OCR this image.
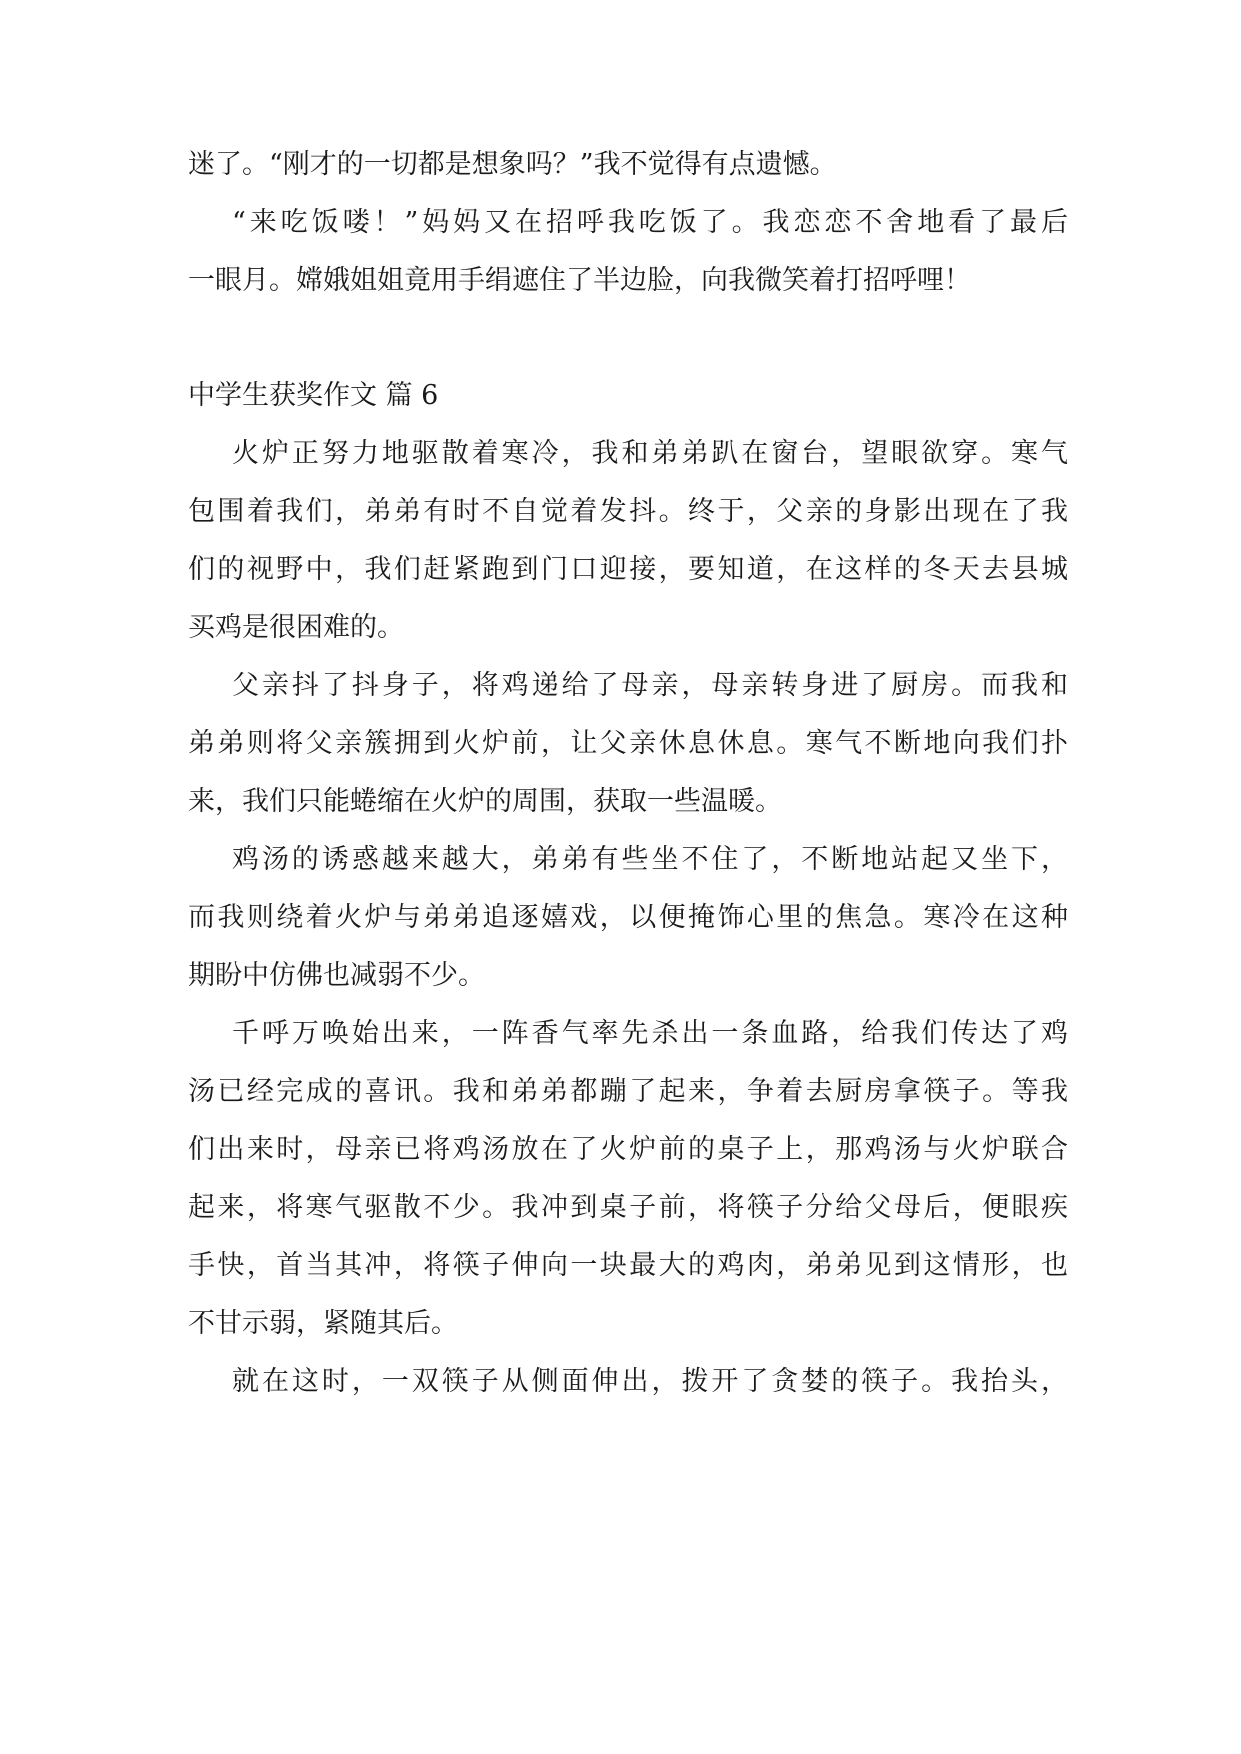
迷了。“刚才的一切都是想象吗？”我不觉得有点遗憾。
“来吃饭喽！”妈妈又在招呼我吃饭了。我恋恋不舍地看了最后
一眼月。嫦娥姐姐竟用手绢遮住了半边脸，向我微笑着打招呼哩！
中学生获奖作文 篇 6
火炉正努力地驱散着寒冷，我和弟弟趴在窗台，望眼欲穿。寒气
包围着我们，弟弟有时不自觉着发抖。终于，父亲的身影出现在了我
们的视野中，我们赶紧跑到门口迎接，要知道，在这样的冬天去县城
买鸡是很困难的。
父亲抖了抖身子，将鸡递给了母亲，母亲转身进了厨房。而我和
弟弟则将父亲簇拥到火炉前，让父亲休息休息。寒气不断地向我们扑
来，我们只能蜷缩在火炉的周围，获取一些温暖。
鸡汤的诱惑越来越大，弟弟有些坐不住了，不断地站起又坐下，
而我则绕着火炉与弟弟追逐嬉戏，以便掩饰心里的焦急。寒冷在这种
期盼中仿佛也减弱不少。
千呼万唤始出来，一阵香气率先杀出一条血路，给我们传达了鸡
汤已经完成的喜讯。我和弟弟都蹦了起来，争着去厨房拿筷子。等我
们出来时，母亲已将鸡汤放在了火炉前的桌子上，那鸡汤与火炉联合
起来，将寒气驱散不少。我冲到桌子前，将筷子分给父母后，便眼疾
手快，首当其冲，将筷子伸向一块最大的鸡肉，弟弟见到这情形，也
不甘示弱，紧随其后。
就在这时，一双筷子从侧面伸出，拨开了贪婪的筷子。我抬头，
